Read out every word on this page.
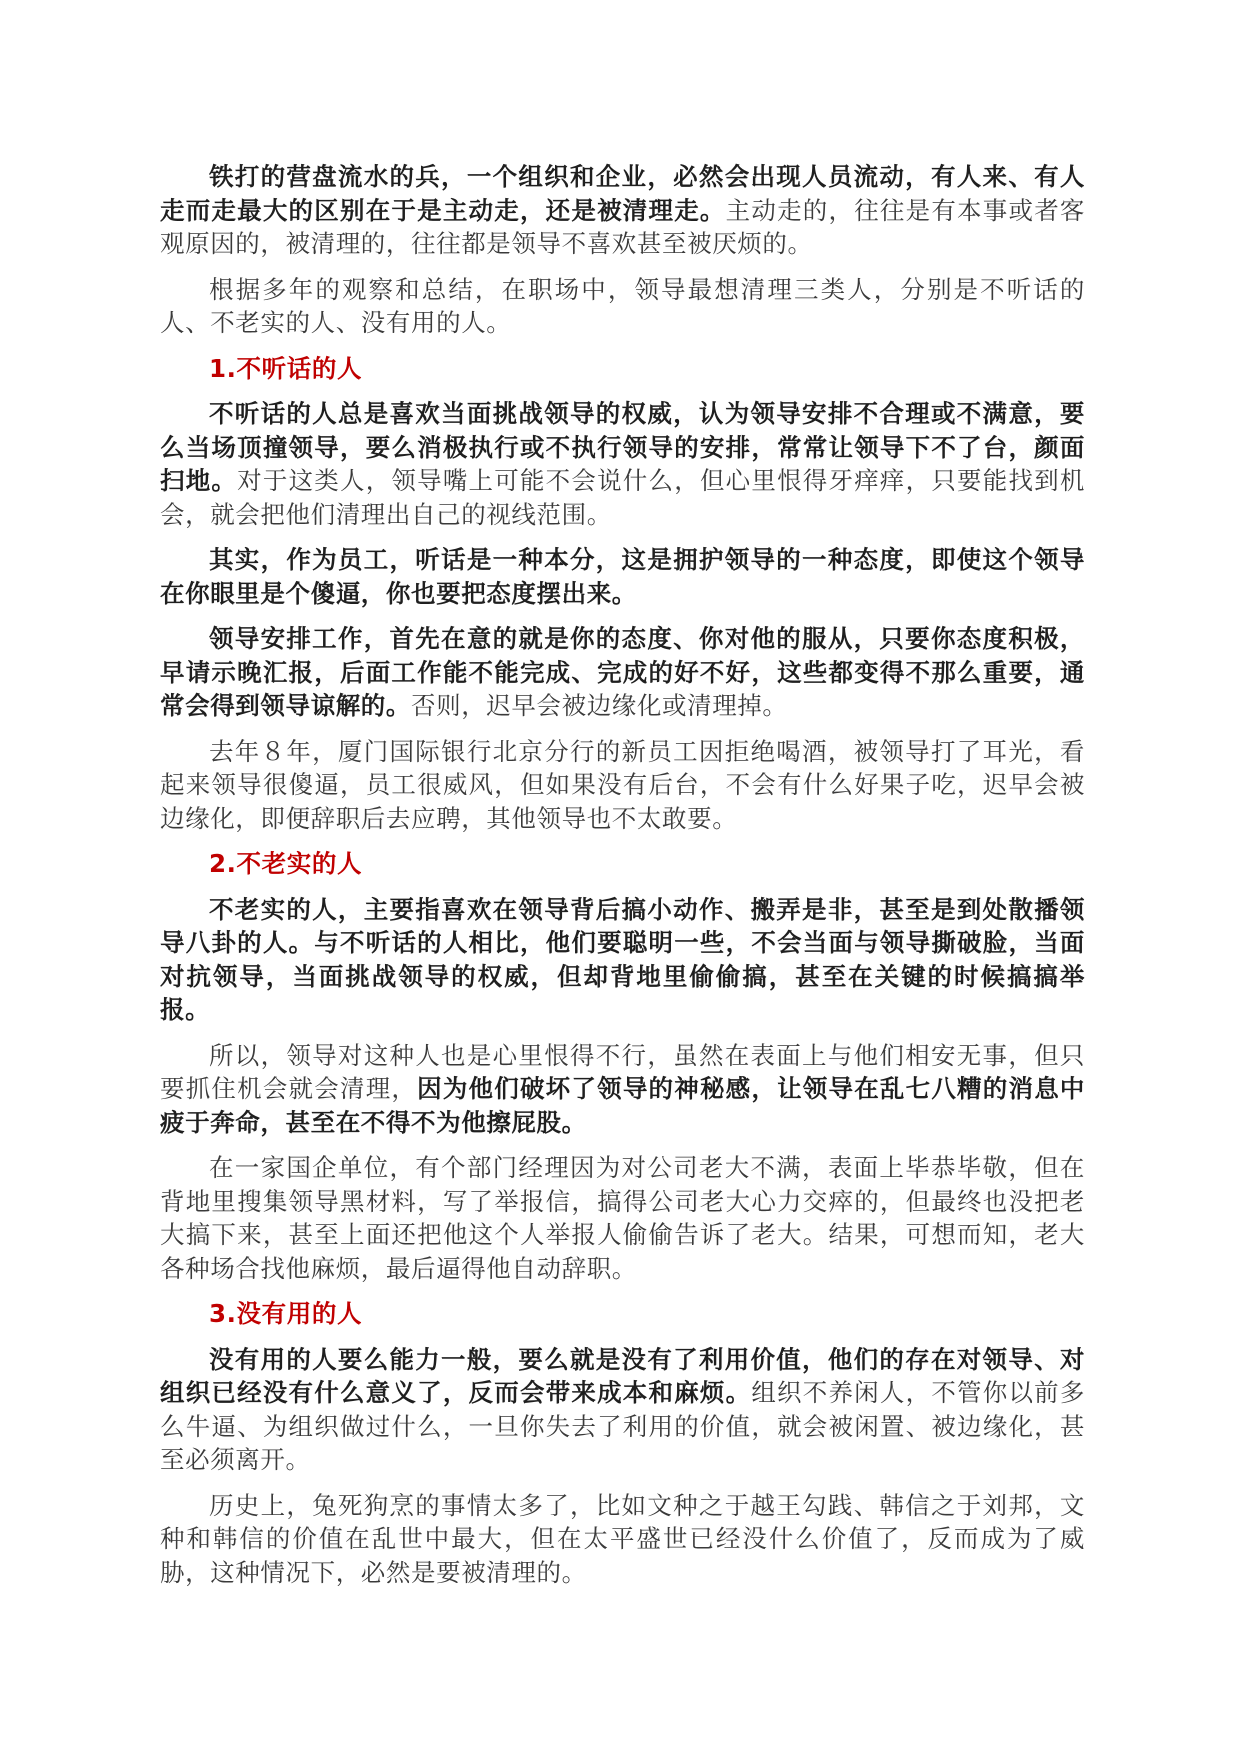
铁打的营盘流水的兵，一个组织和企业，必然会出现人员流动，有人来、有人走而走最大的区别在于是主动走，还是被清理走。主动走的，往往是有本事或者客观原因的，被清理的，往往都是领导不喜欢甚至被厌烦的。

根据多年的观察和总结，在职场中，领导最想清理三类人，分别是不听话的人、不老实的人、没有用的人。

1.不听话的人

不听话的人总是喜欢当面挑战领导的权威，认为领导安排不合理或不满意，要么当场顶撞领导，要么消极执行或不执行领导的安排，常常让领导下不了台，颜面扫地。对于这类人，领导嘴上可能不会说什么，但心里恨得牙痒痒，只要能找到机会，就会把他们清理出自己的视线范围。

其实，作为员工，听话是一种本分，这是拥护领导的一种态度，即使这个领导在你眼里是个傻逼，你也要把态度摆出来。

领导安排工作，首先在意的就是你的态度、你对他的服从，只要你态度积极，早请示晚汇报，后面工作能不能完成、完成的好不好，这些都变得不那么重要，通常会得到领导谅解的。否则，迟早会被边缘化或清理掉。

去年８年，厦门国际银行北京分行的新员工因拒绝喝酒，被领导打了耳光，看起来领导很傻逼，员工很威风，但如果没有后台，不会有什么好果子吃，迟早会被边缘化，即便辞职后去应聘，其他领导也不太敢要。

2.不老实的人

不老实的人，主要指喜欢在领导背后搞小动作、搬弄是非，甚至是到处散播领导八卦的人。与不听话的人相比，他们要聪明一些，不会当面与领导撕破脸，当面对抗领导，当面挑战领导的权威，但却背地里偷偷搞，甚至在关键的时候搞搞举报。

所以，领导对这种人也是心里恨得不行，虽然在表面上与他们相安无事，但只要抓住机会就会清理，因为他们破坏了领导的神秘感，让领导在乱七八糟的消息中疲于奔命，甚至在不得不为他擦屁股。

在一家国企单位，有个部门经理因为对公司老大不满，表面上毕恭毕敬，但在背地里搜集领导黑材料，写了举报信，搞得公司老大心力交瘁的，但最终也没把老大搞下来，甚至上面还把他这个人举报人偷偷告诉了老大。结果，可想而知，老大各种场合找他麻烦，最后逼得他自动辞职。

3.没有用的人

没有用的人要么能力一般，要么就是没有了利用价值，他们的存在对领导、对组织已经没有什么意义了，反而会带来成本和麻烦。组织不养闲人，不管你以前多么牛逼、为组织做过什么，一旦你失去了利用的价值，就会被闲置、被边缘化，甚至必须离开。

历史上，兔死狗烹的事情太多了，比如文种之于越王勾践、韩信之于刘邦，文种和韩信的价值在乱世中最大，但在太平盛世已经没什么价值了，反而成为了威胁，这种情况下，必然是要被清理的。
